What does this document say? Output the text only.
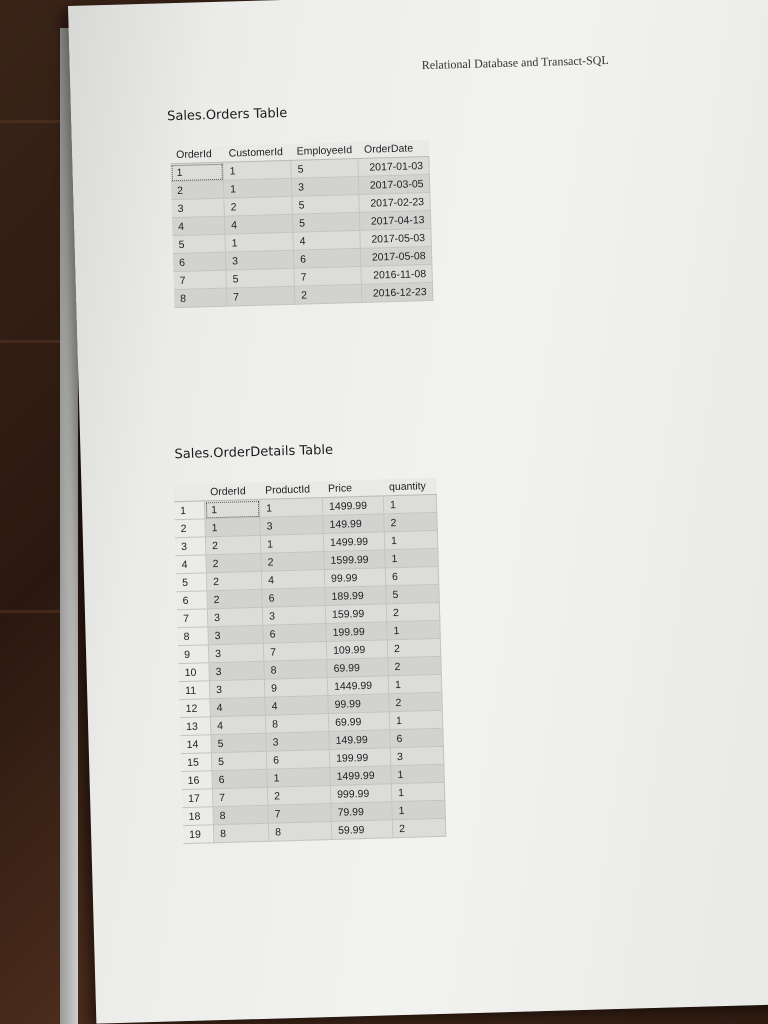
Relational Database and Transact-SQL
Sales.Orders Table
OrderId	CustomerId	EmployeeId	OrderDate
1	1	5	2017-01-03
2	1	3	2017-03-05
3	2	5	2017-02-23
4	4	5	2017-04-13
5	1	4	2017-05-03
6	3	6	2017-05-08
7	5	7	2016-11-08
8	7	2	2016-12-23
Sales.OrderDetails Table
	OrderId	ProductId	Price	quantity
1	1	1	1499.99	1
2	1	3	149.99	2
3	2	1	1499.99	1
4	2	2	1599.99	1
5	2	4	99.99	6
6	2	6	189.99	5
7	3	3	159.99	2
8	3	6	199.99	1
9	3	7	109.99	2
10	3	8	69.99	2
11	3	9	1449.99	1
12	4	4	99.99	2
13	4	8	69.99	1
14	5	3	149.99	6
15	5	6	199.99	3
16	6	1	1499.99	1
17	7	2	999.99	1
18	8	7	79.99	1
19	8	8	59.99	2
